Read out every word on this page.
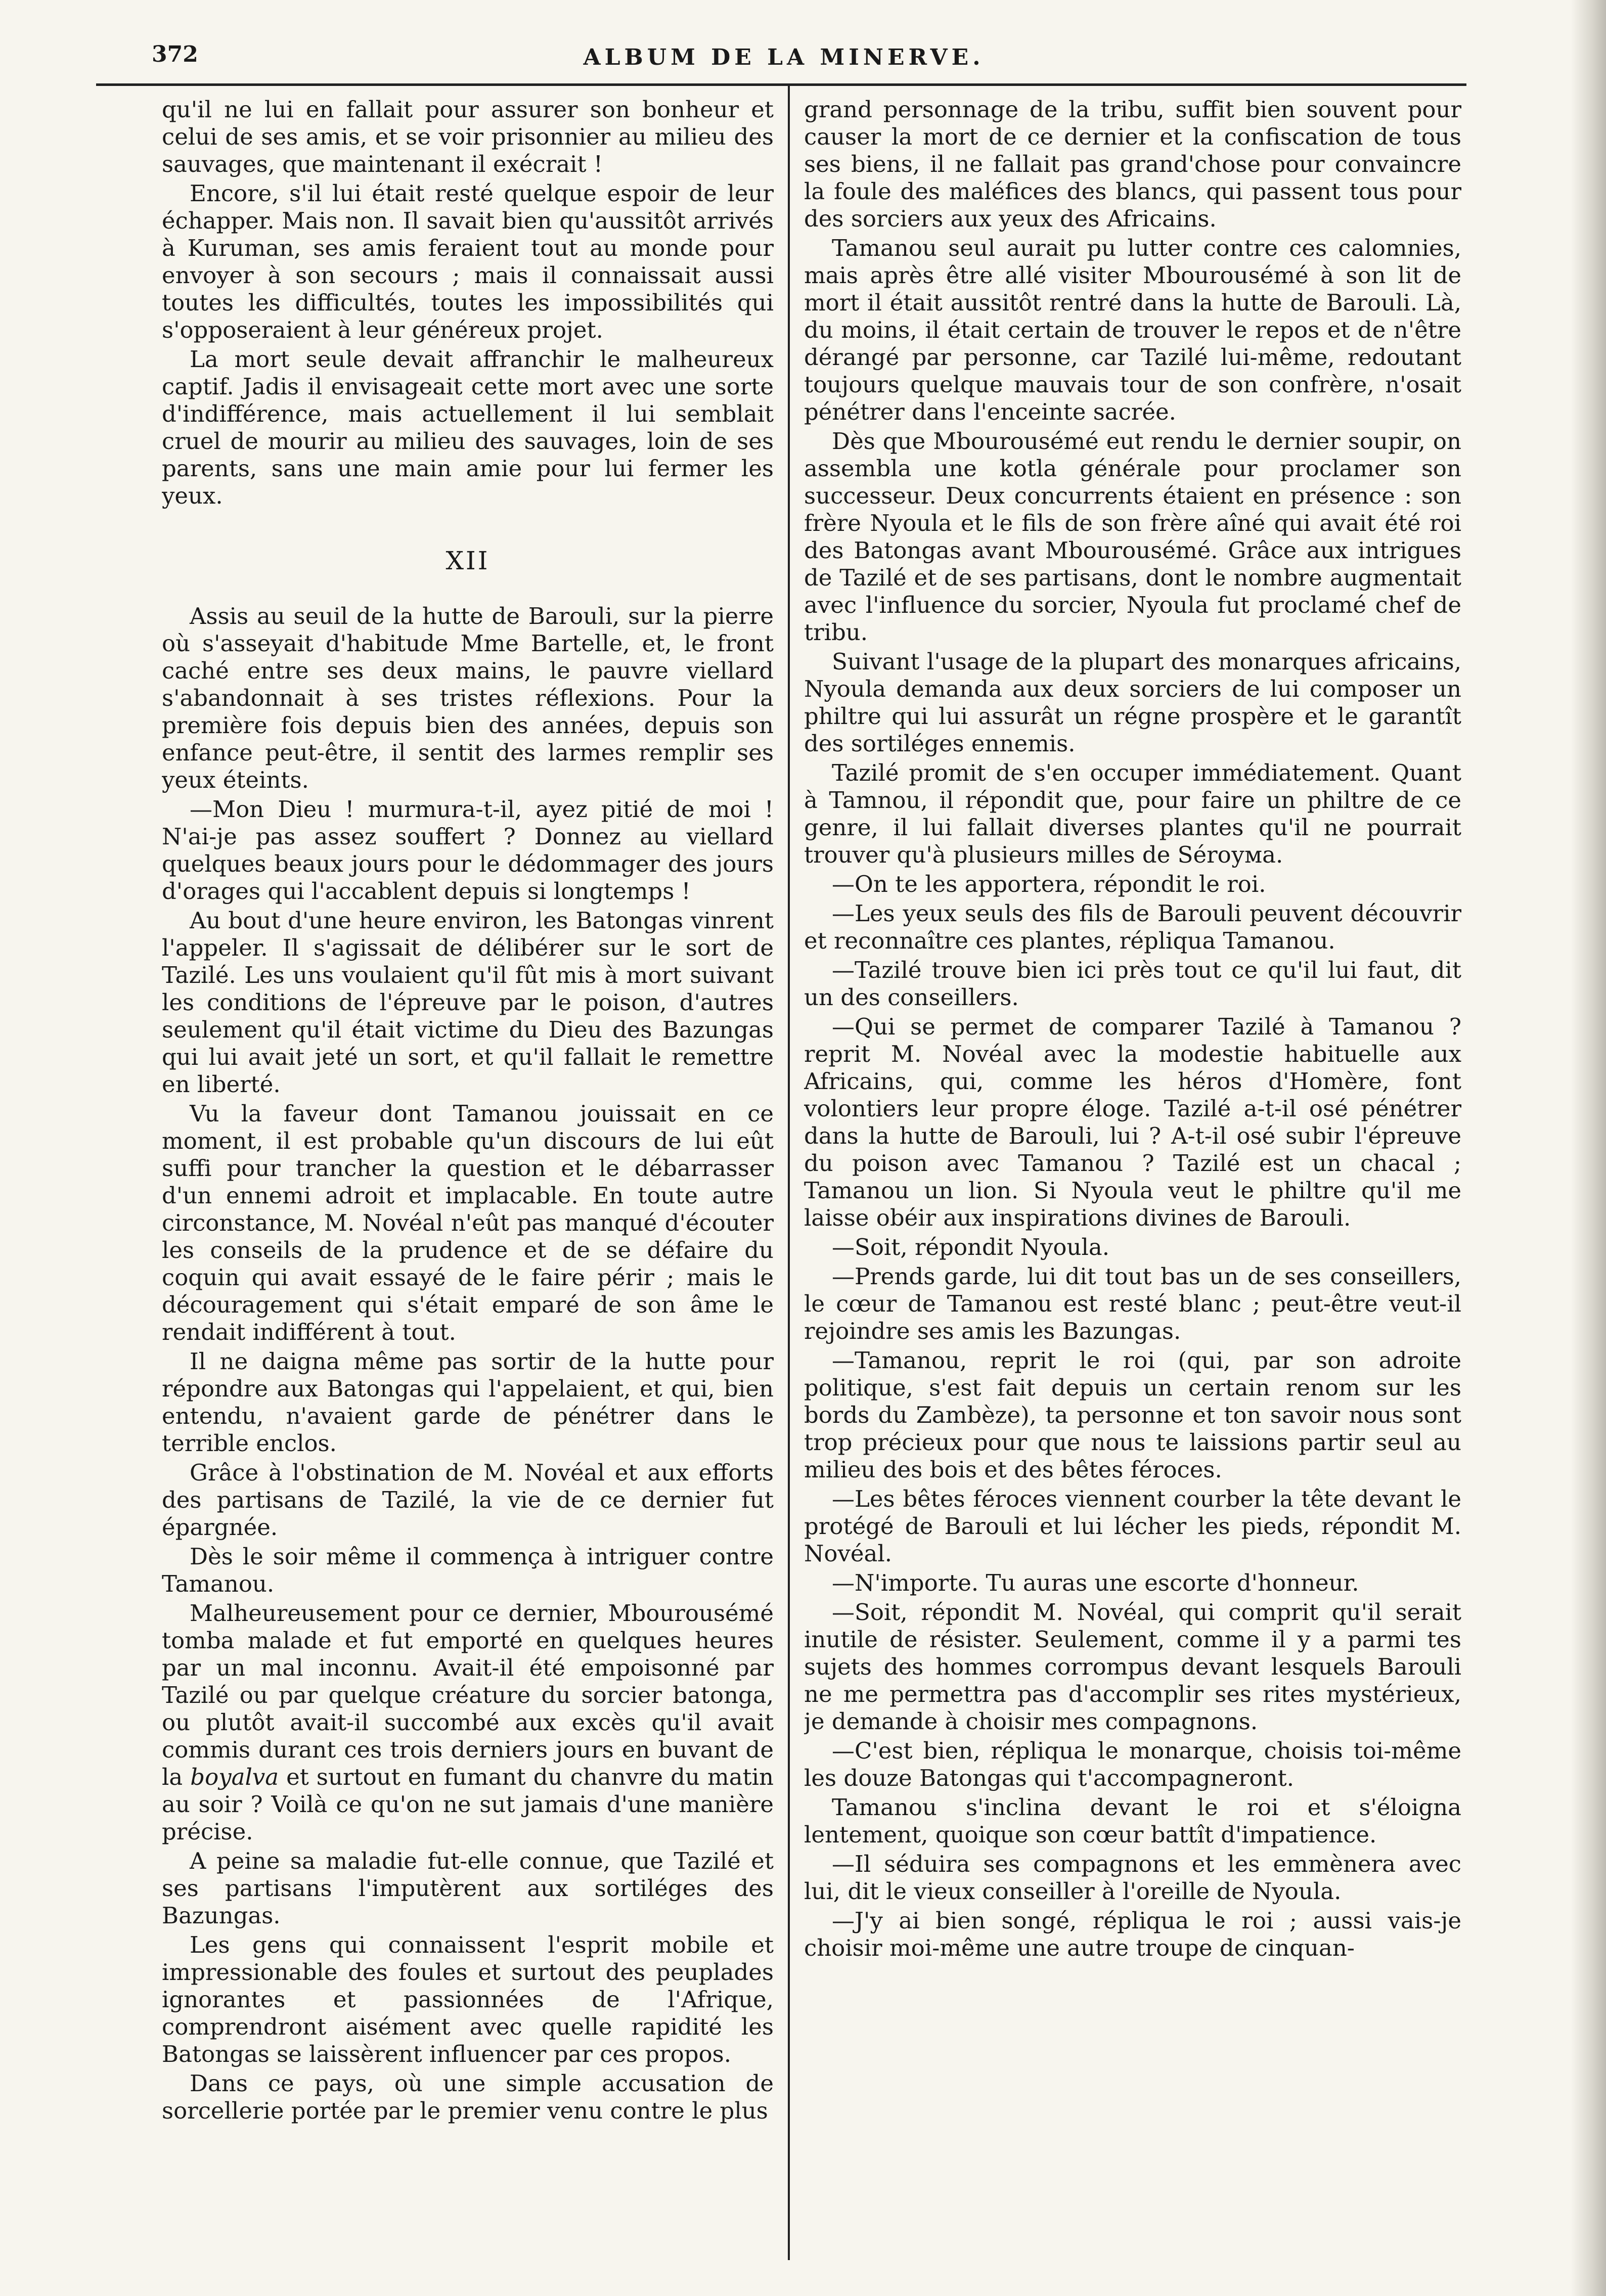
372	ALBUM DE LA MINERVE.

qu'il ne lui en fallait pour assurer son bonheur et celui de ses amis, et se voir prisonnier au milieu des sauvages, que maintenant il exécrait !

Encore, s'il lui était resté quelque espoir de leur échapper. Mais non. Il savait bien qu'aussitôt arrivés à Kuruman, ses amis feraient tout au monde pour envoyer à son secours ; mais il connaissait aussi toutes les difficultés, toutes les impossibilités qui s'opposeraient à leur généreux projet.

La mort seule devait affranchir le malheureux captif. Jadis il envisageait cette mort avec une sorte d'indifférence, mais actuellement il lui semblait cruel de mourir au milieu des sauvages, loin de ses parents, sans une main amie pour lui fermer les yeux.

XII

Assis au seuil de la hutte de Barouli, sur la pierre où s'asseyait d'habitude Mme Bartelle, et, le front caché entre ses deux mains, le pauvre viellard s'abandonnait à ses tristes réflexions. Pour la première fois depuis bien des années, depuis son enfance peut-être, il sentit des larmes remplir ses yeux éteints.

—Mon Dieu ! murmura-t-il, ayez pitié de moi ! N'ai-je pas assez souffert ? Donnez au viellard quelques beaux jours pour le dédommager des jours d'orages qui l'accablent depuis si longtemps !

Au bout d'une heure environ, les Batongas vinrent l'appeler. Il s'agissait de délibérer sur le sort de Tazilé. Les uns voulaient qu'il fût mis à mort suivant les conditions de l'épreuve par le poison, d'autres seulement qu'il était victime du Dieu des Bazungas qui lui avait jeté un sort, et qu'il fallait le remettre en liberté.

Vu la faveur dont Tamanou jouissait en ce moment, il est probable qu'un discours de lui eût suffi pour trancher la question et le débarrasser d'un ennemi adroit et implacable. En toute autre circonstance, M. Novéal n'eût pas manqué d'écouter les conseils de la prudence et de se défaire du coquin qui avait essayé de le faire périr ; mais le découragement qui s'était emparé de son âme le rendait indifférent à tout.

Il ne daigna même pas sortir de la hutte pour répondre aux Batongas qui l'appelaient, et qui, bien entendu, n'avaient garde de pénétrer dans le terrible enclos.

Grâce à l'obstination de M. Novéal et aux efforts des partisans de Tazilé, la vie de ce dernier fut épargnée.

Dès le soir même il commença à intriguer contre Tamanou.

Malheureusement pour ce dernier, Mbourousémé tomba malade et fut emporté en quelques heures par un mal inconnu. Avait-il été empoisonné par Tazilé ou par quelque créature du sorcier batonga, ou plutôt avait-il succombé aux excès qu'il avait commis durant ces trois derniers jours en buvant de la boyalva et surtout en fumant du chanvre du matin au soir ? Voilà ce qu'on ne sut jamais d'une manière précise.

A peine sa maladie fut-elle connue, que Tazilé et ses partisans l'imputèrent aux sortiléges des Bazungas.

Les gens qui connaissent l'esprit mobile et impressionable des foules et surtout des peuplades ignorantes et passionnées de l'Afrique, comprendront aisément avec quelle rapidité les Batongas se laissèrent influencer par ces propos.

Dans ce pays, où une simple accusation de sorcellerie portée par le premier venu contre le plus

grand personnage de la tribu, suffit bien souvent pour causer la mort de ce dernier et la confiscation de tous ses biens, il ne fallait pas grand'chose pour convaincre la foule des maléfices des blancs, qui passent tous pour des sorciers aux yeux des Africains.

Tamanou seul aurait pu lutter contre ces calomnies, mais après être allé visiter Mbourousémé à son lit de mort il était aussitôt rentré dans la hutte de Barouli. Là, du moins, il était certain de trouver le repos et de n'être dérangé par personne, car Tazilé lui-même, redoutant toujours quelque mauvais tour de son confrère, n'osait pénétrer dans l'enceinte sacrée.

Dès que Mbourousémé eut rendu le dernier soupir, on assembla une kotla générale pour proclamer son successeur. Deux concurrents étaient en présence : son frère Nyoula et le fils de son frère aîné qui avait été roi des Batongas avant Mbourousémé. Grâce aux intrigues de Tazilé et de ses partisans, dont le nombre augmentait avec l'influence du sorcier, Nyoula fut proclamé chef de tribu.

Suivant l'usage de la plupart des monarques africains, Nyoula demanda aux deux sorciers de lui composer un philtre qui lui assurât un régne prospère et le garantît des sortiléges ennemis.

Tazilé promit de s'en occuper immédiatement. Quant à Tamnou, il répondit que, pour faire un philtre de ce genre, il lui fallait diverses plantes qu'il ne pourrait trouver qu'à plusieurs milles de Séroума.

—On te les apportera, répondit le roi.

—Les yeux seuls des fils de Barouli peuvent découvrir et reconnaître ces plantes, répliqua Tamanou.

—Tazilé trouve bien ici près tout ce qu'il lui faut, dit un des conseillers.

—Qui se permet de comparer Tazilé à Tamanou ? reprit M. Novéal avec la modestie habituelle aux Africains, qui, comme les héros d'Homère, font volontiers leur propre éloge. Tazilé a-t-il osé pénétrer dans la hutte de Barouli, lui ? A-t-il osé subir l'épreuve du poison avec Tamanou ? Tazilé est un chacal ; Tamanou un lion. Si Nyoula veut le philtre qu'il me laisse obéir aux inspirations divines de Barouli.

—Soit, répondit Nyoula.

—Prends garde, lui dit tout bas un de ses conseillers, le cœur de Tamanou est resté blanc ; peut-être veut-il rejoindre ses amis les Bazungas.

—Tamanou, reprit le roi (qui, par son adroite politique, s'est fait depuis un certain renom sur les bords du Zambèze), ta personne et ton savoir nous sont trop précieux pour que nous te laissions partir seul au milieu des bois et des bêtes féroces.

—Les bêtes féroces viennent courber la tête devant le protégé de Barouli et lui lécher les pieds, répondit M. Novéal.

—N'importe. Tu auras une escorte d'honneur.

—Soit, répondit M. Novéal, qui comprit qu'il serait inutile de résister. Seulement, comme il y a parmi tes sujets des hommes corrompus devant lesquels Barouli ne me permettra pas d'accomplir ses rites mystérieux, je demande à choisir mes compagnons.

—C'est bien, répliqua le monarque, choisis toi-même les douze Batongas qui t'accompagneront.

Tamanou s'inclina devant le roi et s'éloigna lentement, quoique son cœur battît d'impatience.

—Il séduira ses compagnons et les emmènera avec lui, dit le vieux conseiller à l'oreille de Nyoula.

—J'y ai bien songé, répliqua le roi ; aussi vais-je choisir moi-même une autre troupe de cinquan-
